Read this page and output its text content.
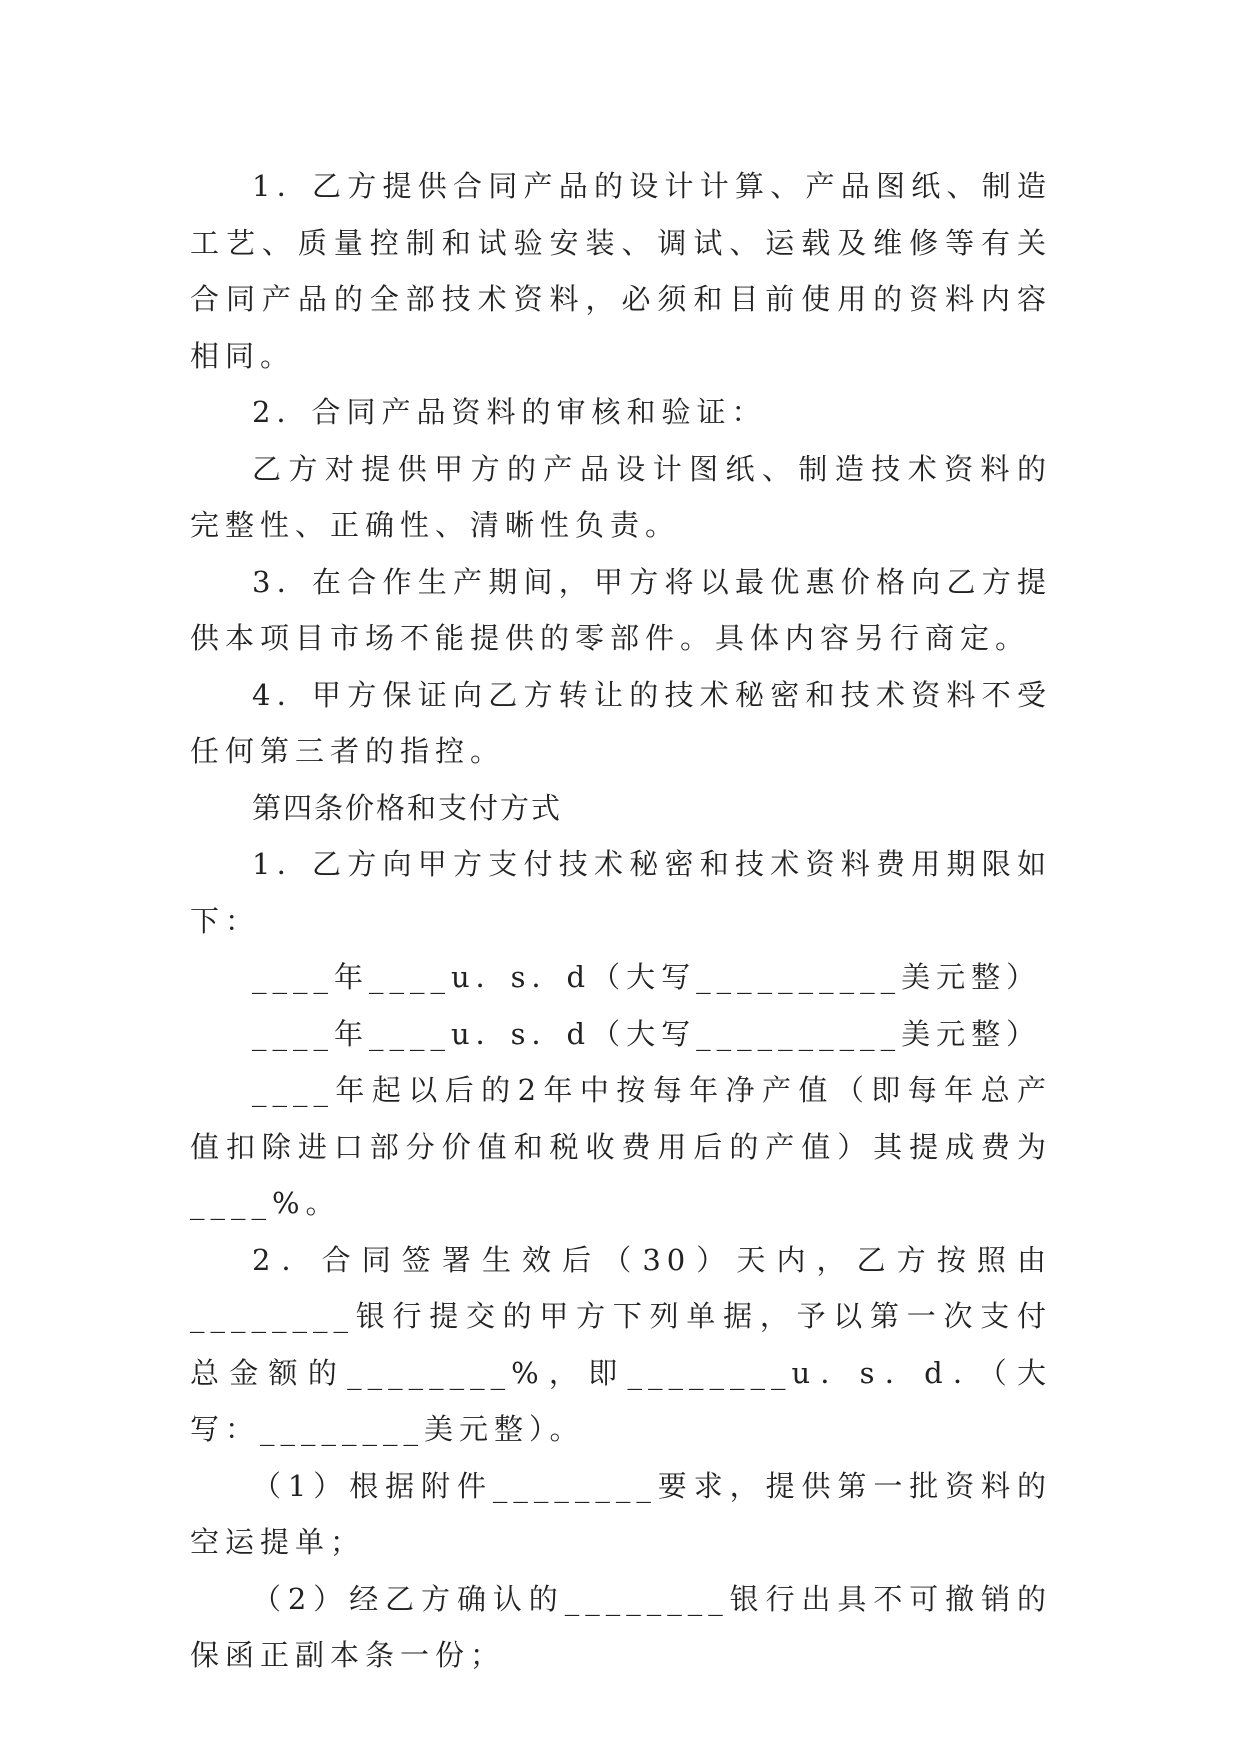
1．乙方提供合同产品的设计计算、产品图纸、制造工艺、质量控制和试验安装、调试、运载及维修等有关合同产品的全部技术资料，必须和目前使用的资料内容相同。

2．合同产品资料的审核和验证：

乙方对提供甲方的产品设计图纸、制造技术资料的完整性、正确性、清晰性负责。

3．在合作生产期间，甲方将以最优惠价格向乙方提供本项目市场不能提供的零部件。具体内容另行商定。

4．甲方保证向乙方转让的技术秘密和技术资料不受任何第三者的指控。

第四条价格和支付方式

1．乙方向甲方支付技术秘密和技术资料费用期限如下：

____年____u．s．d（大写__________美元整）

____年____u．s．d（大写__________美元整）

____年起以后的2年中按每年净产值（即每年总产值扣除进口部分价值和税收费用后的产值）其提成费为____%。

2．合同签署生效后（30）天内，乙方按照由________银行提交的甲方下列单据，予以第一次支付总金额的________%，即________u．s．d．（大写：________美元整）。

（1）根据附件________要求，提供第一批资料的空运提单；

（2）经乙方确认的________银行出具不可撤销的保函正副本条一份；
